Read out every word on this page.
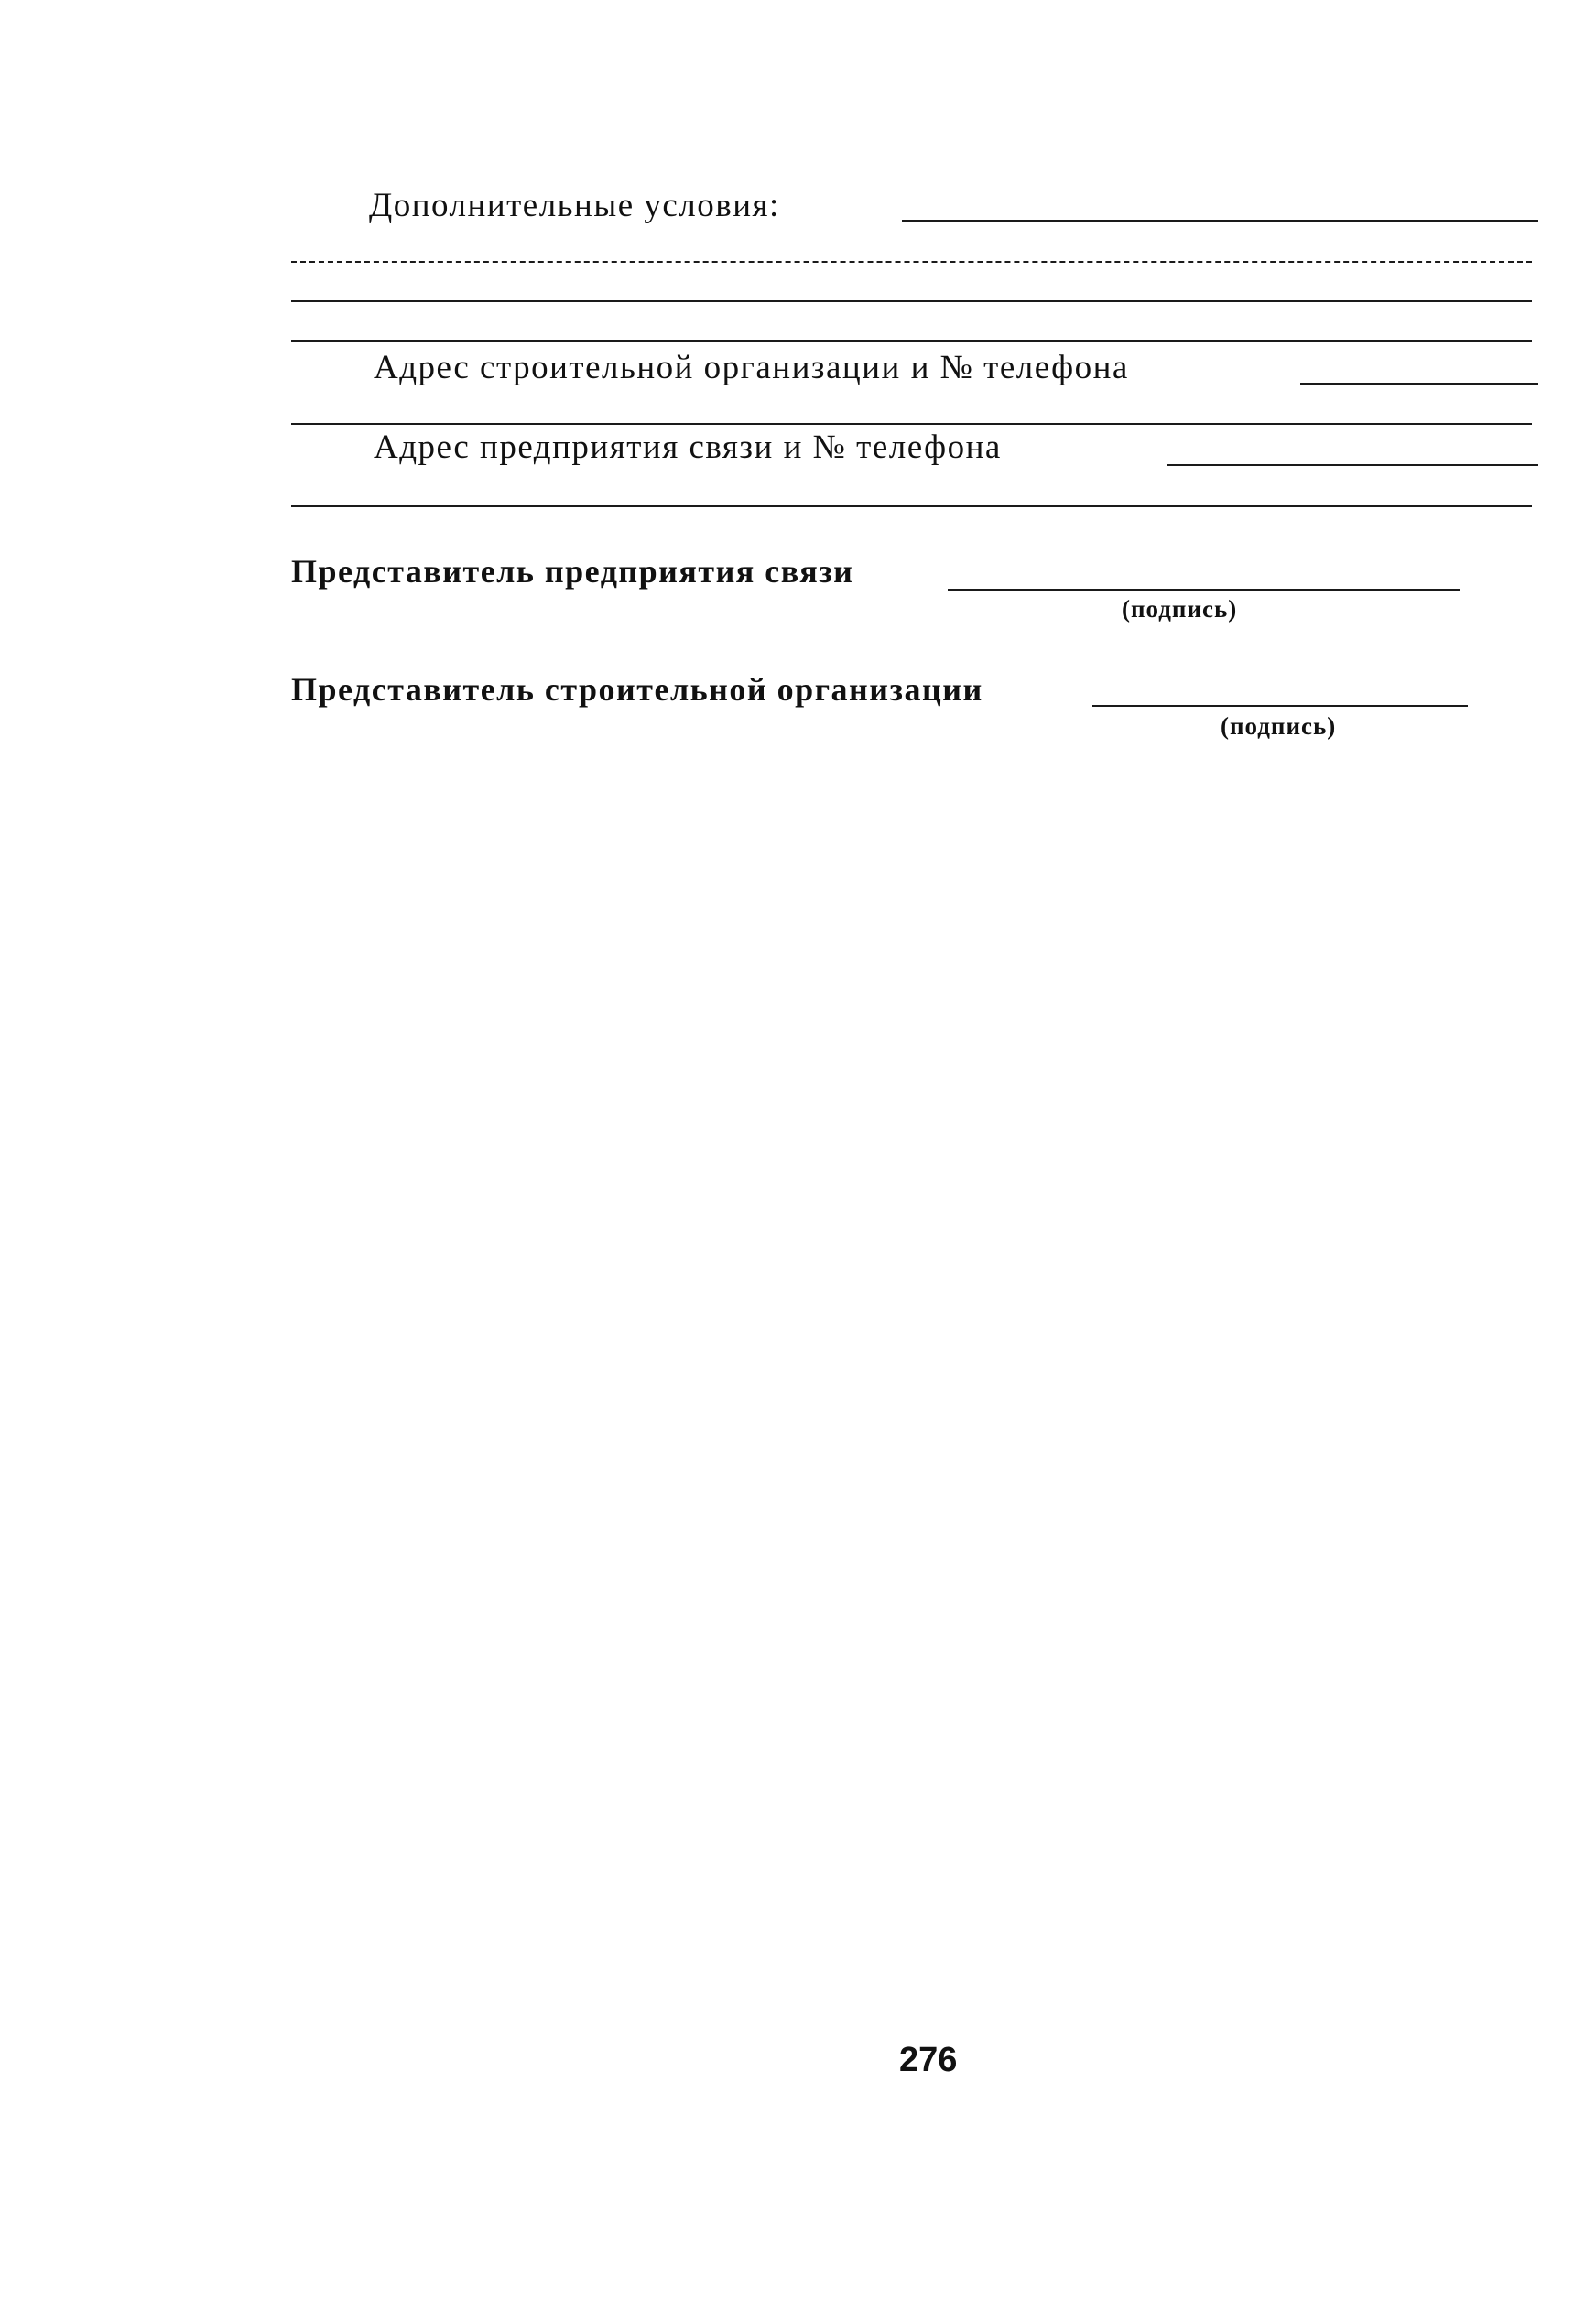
Дополнительные условия:
Адрес строительной организации и № телефона
Адрес предприятия связи и № телефона
Представитель предприятия связи
(подпись)
Представитель строительной организации
(подпись)
276
